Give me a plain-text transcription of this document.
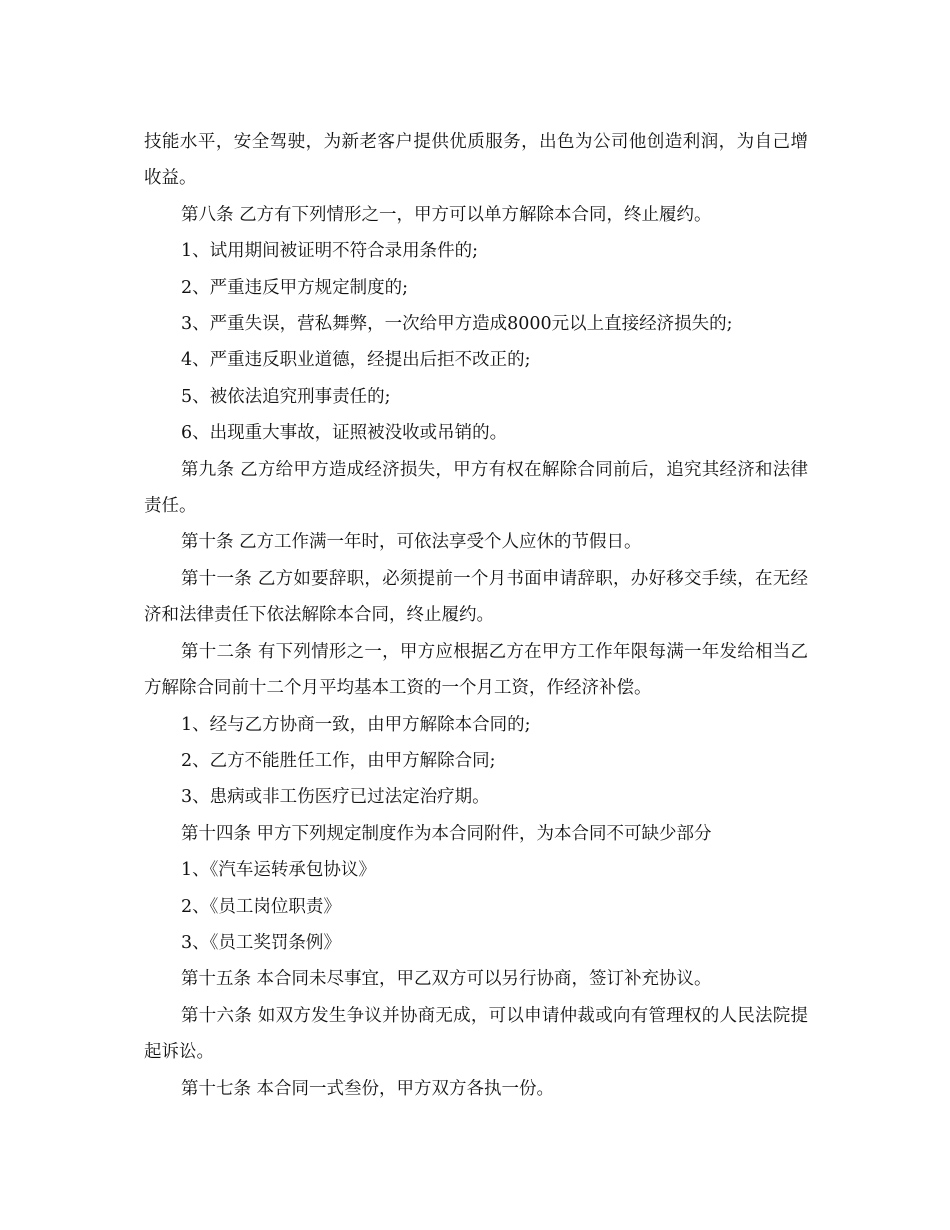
技能水平，安全驾驶，为新老客户提供优质服务，出色为公司他创造利润，为自己增收益。

第八条 乙方有下列情形之一，甲方可以单方解除本合同，终止履约。

1、试用期间被证明不符合录用条件的;

2、严重违反甲方规定制度的;

3、严重失误，营私舞弊，一次给甲方造成8000元以上直接经济损失的;

4、严重违反职业道德，经提出后拒不改正的;

5、被依法追究刑事责任的;

6、出现重大事故，证照被没收或吊销的。

第九条 乙方给甲方造成经济损失，甲方有权在解除合同前后，追究其经济和法律责任。

第十条 乙方工作满一年时，可依法享受个人应休的节假日。

第十一条 乙方如要辞职，必须提前一个月书面申请辞职，办好移交手续，在无经济和法律责任下依法解除本合同，终止履约。

第十二条 有下列情形之一，甲方应根据乙方在甲方工作年限每满一年发给相当乙方解除合同前十二个月平均基本工资的一个月工资，作经济补偿。

1、经与乙方协商一致，由甲方解除本合同的;

2、乙方不能胜任工作，由甲方解除合同;

3、患病或非工伤医疗已过法定治疗期。

第十四条 甲方下列规定制度作为本合同附件，为本合同不可缺少部分

1、《汽车运转承包协议》

2、《员工岗位职责》

3、《员工奖罚条例》

第十五条 本合同未尽事宜，甲乙双方可以另行协商，签订补充协议。

第十六条 如双方发生争议并协商无成，可以申请仲裁或向有管理权的人民法院提起诉讼。

第十七条 本合同一式叁份，甲方双方各执一份。
